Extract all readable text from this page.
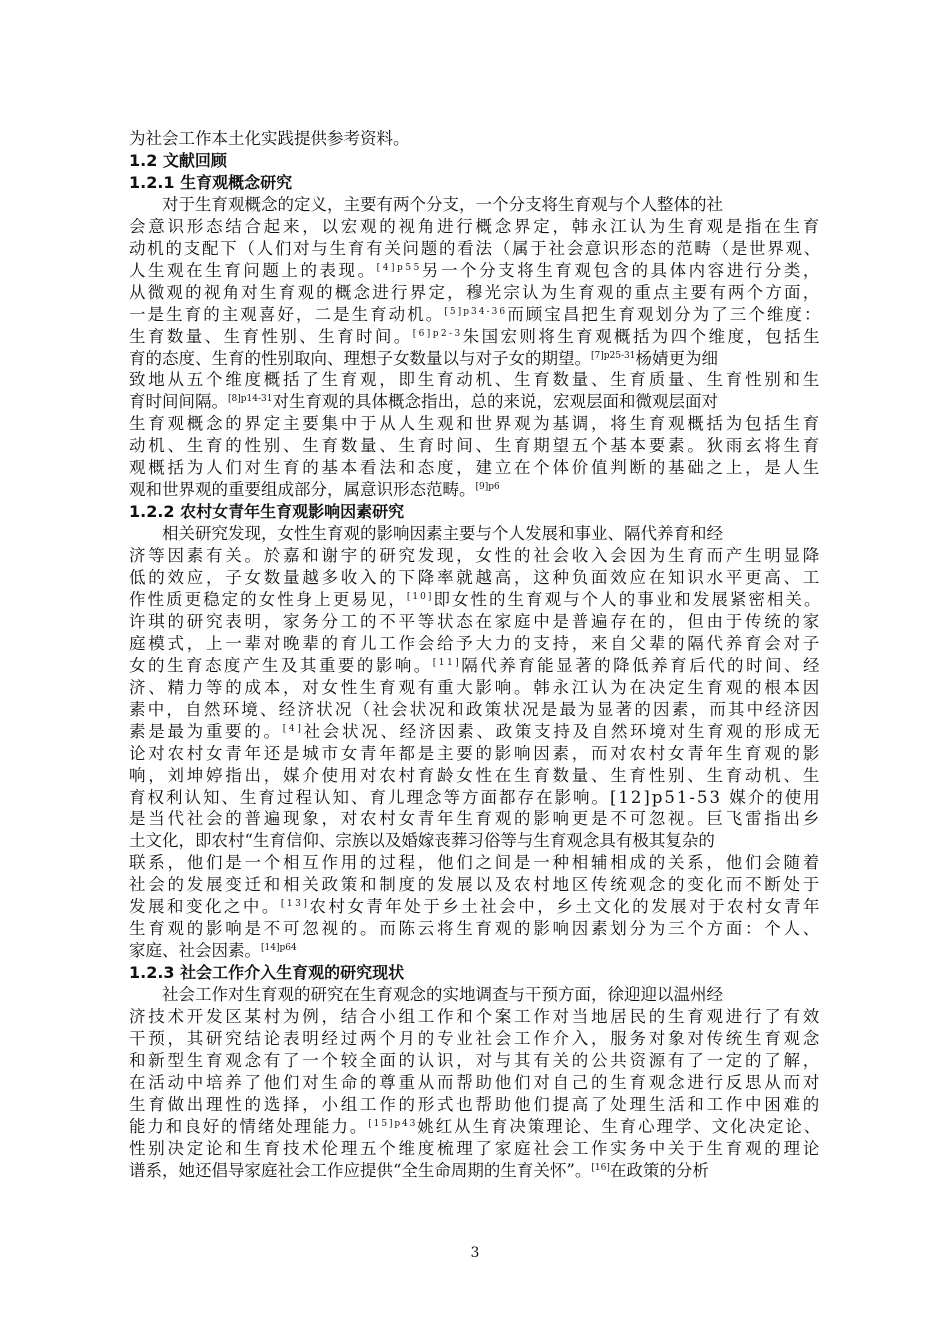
为社会工作本土化实践提供参考资料。

1.2 文献回顾

1.2.1 生育观概念研究

对于生育观概念的定义，主要有两个分支，一个分支将生育观与个人整体的社

会意识形态结合起来，以宏观的视角进行概念界定，韩永江认为生育观是指在生育

动机的支配下（人们对与生育有关问题的看法（属于社会意识形态的范畴（是世界观、

人生观在生育问题上的表现。$^{[4]p55}$另一个分支将生育观包含的具体内容进行分类，

从微观的视角对生育观的概念进行界定，穆光宗认为生育观的重点主要有两个方面，

一是生育的主观喜好，二是生育动机。$^{[5]p34-36}$而顾宝昌把生育观划分为了三个维度：

生育数量、生育性别、生育时间。$^{[6]p2-3}$朱国宏则将生育观概括为四个维度，包括生

育的态度、生育的性别取向、理想子女数量以与对子女的期望。$^{[7]p25-31}$杨婧更为细

致地从五个维度概括了生育观，即生育动机、生育数量、生育质量、生育性别和生

育时间间隔。$^{[8]p14-31}$对生育观的具体概念指出，总的来说，宏观层面和微观层面对

生育观概念的界定主要集中于从人生观和世界观为基调，将生育观概括为包括生育

动机、生育的性别、生育数量、生育时间、生育期望五个基本要素。狄雨玄将生育

观概括为人们对生育的基本看法和态度，建立在个体价值判断的基础之上，是人生

观和世界观的重要组成部分，属意识形态范畴。$^{[9]p6}$

1.2.2 农村女青年生育观影响因素研究

相关研究发现，女性生育观的影响因素主要与个人发展和事业、隔代养育和经

济等因素有关。於嘉和谢宇的研究发现，女性的社会收入会因为生育而产生明显降

低的效应，子女数量越多收入的下降率就越高，这种负面效应在知识水平更高、工

作性质更稳定的女性身上更易见，[10]即女性的生育观与个人的事业和发展紧密相关。

许琪的研究表明，家务分工的不平等状态在家庭中是普遍存在的，但由于传统的家

庭模式，上一辈对晚辈的育儿工作会给予大力的支持，来自父辈的隔代养育会对子

女的生育态度产生及其重要的影响。[11]隔代养育能显著的降低养育后代的时间、经

济、精力等的成本，对女性生育观有重大影响。韩永江认为在决定生育观的根本因

素中，自然环境、经济状况（社会状况和政策状况是最为显著的因素，而其中经济因

素是最为重要的。[4]社会状况、经济因素、政策支持及自然环境对生育观的形成无

论对农村女青年还是城市女青年都是主要的影响因素，而对农村女青年生育观的影

响，刘坤婷指出，媒介使用对农村育龄女性在生育数量、生育性别、生育动机、生

育权利认知、生育过程认知、育儿理念等方面都存在影响。[12]p51-53 媒介的使用

是当代社会的普遍现象，对农村女青年生育观的影响更是不可忽视。巨飞雷指出乡

土文化，即农村“生育信仰、宗族以及婚嫁丧葬习俗等与生育观念具有极其复杂的

联系，他们是一个相互作用的过程，他们之间是一种相辅相成的关系，他们会随着

社会的发展变迁和相关政策和制度的发展以及农村地区传统观念的变化而不断处于

发展和变化之中。[13]农村女青年处于乡土社会中，乡土文化的发展对于农村女青年

生育观的影响是不可忽视的。而陈云将生育观的影响因素划分为三个方面：个人、

家庭、社会因素。$^{[14]p64}$

1.2.3 社会工作介入生育观的研究现状

社会工作对生育观的研究在生育观念的实地调查与干预方面，徐迎迎以温州经

济技术开发区某村为例，结合小组工作和个案工作对当地居民的生育观进行了有效

干预，其研究结论表明经过两个月的专业社会工作介入，服务对象对传统生育观念

和新型生育观念有了一个较全面的认识，对与其有关的公共资源有了一定的了解，

在活动中培养了他们对生命的尊重从而帮助他们对自己的生育观念进行反思从而对

生育做出理性的选择，小组工作的形式也帮助他们提高了处理生活和工作中困难的

能力和良好的情绪处理能力。$^{[15]p43}$姚红从生育决策理论、生育心理学、文化决定论、

性别决定论和生育技术伦理五个维度梳理了家庭社会工作实务中关于生育观的理论

谱系，她还倡导家庭社会工作应提供“全生命周期的生育关怀”。[16]在政策的分析

3
